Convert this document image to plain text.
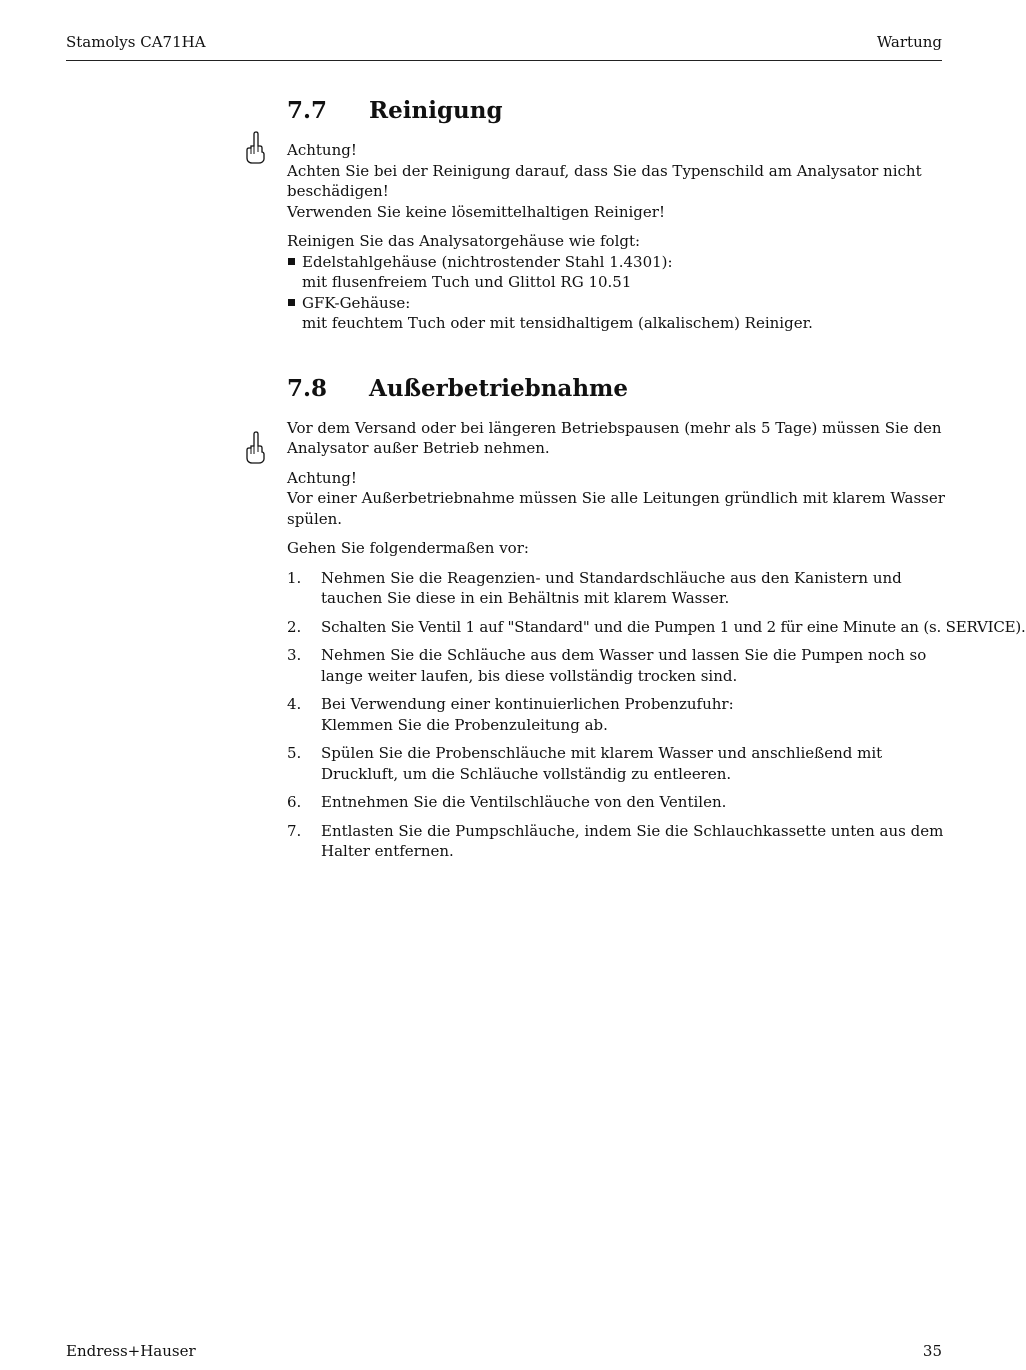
Stamolys CA71HA	Wartung
7.7	Reinigung

Achtung!

Achten Sie bei der Reinigung darauf, dass Sie das Typenschild am Analysator nicht beschädigen!

Verwenden Sie keine lösemittelhaltigen Reiniger!

Reinigen Sie das Analysatorgehäuse wie folgt:

Edelstahlgehäuse (nichtrostender Stahl 1.4301):
mit flusenfreiem Tuch und Glittol RG 10.51
GFK-Gehäuse:
mit feuchtem Tuch oder mit tensidhaltigem (alkalischem) Reiniger.
7.8	Außerbetriebnahme

Vor dem Versand oder bei längeren Betriebspausen (mehr als 5 Tage) müssen Sie den Analysator außer Betrieb nehmen.

Achtung!

Vor einer Außerbetriebnahme müssen Sie alle Leitungen gründlich mit klarem Wasser spülen.

Gehen Sie folgendermaßen vor:

1.	Nehmen Sie die Reagenzien- und Standardschläuche aus den Kanistern und tauchen Sie diese in ein Behältnis mit klarem Wasser.
2.	Schalten Sie Ventil 1 auf "Standard" und die Pumpen 1 und 2 für eine Minute an (s. SERVICE).
3.	Nehmen Sie die Schläuche aus dem Wasser und lassen Sie die Pumpen noch so lange weiter laufen, bis diese vollständig trocken sind.
4.	Bei Verwendung einer kontinuierlichen Probenzufuhr:
Klemmen Sie die Probenzuleitung ab.
5.	Spülen Sie die Probenschläuche mit klarem Wasser und anschließend mit Druckluft, um die Schläuche vollständig zu entleeren.
6.	Entnehmen Sie die Ventilschläuche von den Ventilen.
7.	Entlasten Sie die Pumpschläuche, indem Sie die Schlauchkassette unten aus dem Halter entfernen.
Endress+Hauser	35
